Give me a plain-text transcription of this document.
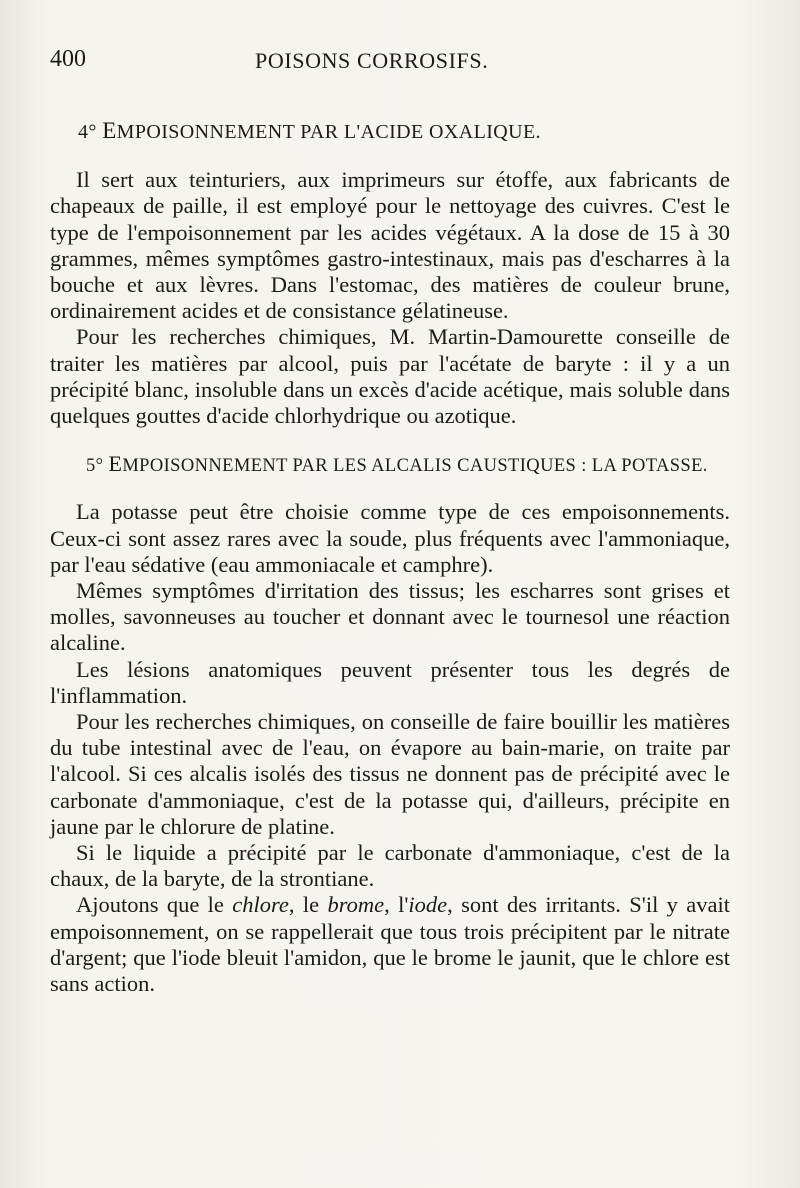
400	POISONS CORROSIFS.
4° EMPOISONNEMENT PAR L'ACIDE OXALIQUE.

Il sert aux teinturiers, aux imprimeurs sur étoffe, aux fabricants de chapeaux de paille, il est employé pour le nettoyage des cuivres. C'est le type de l'empoisonnement par les acides végétaux. A la dose de 15 à 30 grammes, mêmes symptômes gastro-intestinaux, mais pas d'escharres à la bouche et aux lèvres. Dans l'estomac, des matières de couleur brune, ordinairement acides et de consistance gélatineuse.

Pour les recherches chimiques, M. Martin-Damourette conseille de traiter les matières par alcool, puis par l'acétate de baryte : il y a un précipité blanc, insoluble dans un excès d'acide acétique, mais soluble dans quelques gouttes d'acide chlorhydrique ou azotique.

5° EMPOISONNEMENT PAR LES ALCALIS CAUSTIQUES : LA POTASSE.

La potasse peut être choisie comme type de ces empoisonnements. Ceux-ci sont assez rares avec la soude, plus fréquents avec l'ammoniaque, par l'eau sédative (eau ammoniacale et camphre).

Mêmes symptômes d'irritation des tissus; les escharres sont grises et molles, savonneuses au toucher et donnant avec le tournesol une réaction alcaline.

Les lésions anatomiques peuvent présenter tous les degrés de l'inflammation.

Pour les recherches chimiques, on conseille de faire bouillir les matières du tube intestinal avec de l'eau, on évapore au bain-marie, on traite par l'alcool. Si ces alcalis isolés des tissus ne donnent pas de précipité avec le carbonate d'ammoniaque, c'est de la potasse qui, d'ailleurs, précipite en jaune par le chlorure de platine.

Si le liquide a précipité par le carbonate d'ammoniaque, c'est de la chaux, de la baryte, de la strontiane.

Ajoutons que le chlore, le brome, l'iode, sont des irritants. S'il y avait empoisonnement, on se rappellerait que tous trois précipitent par le nitrate d'argent; que l'iode bleuit l'amidon, que le brome le jaunit, que le chlore est sans action.
